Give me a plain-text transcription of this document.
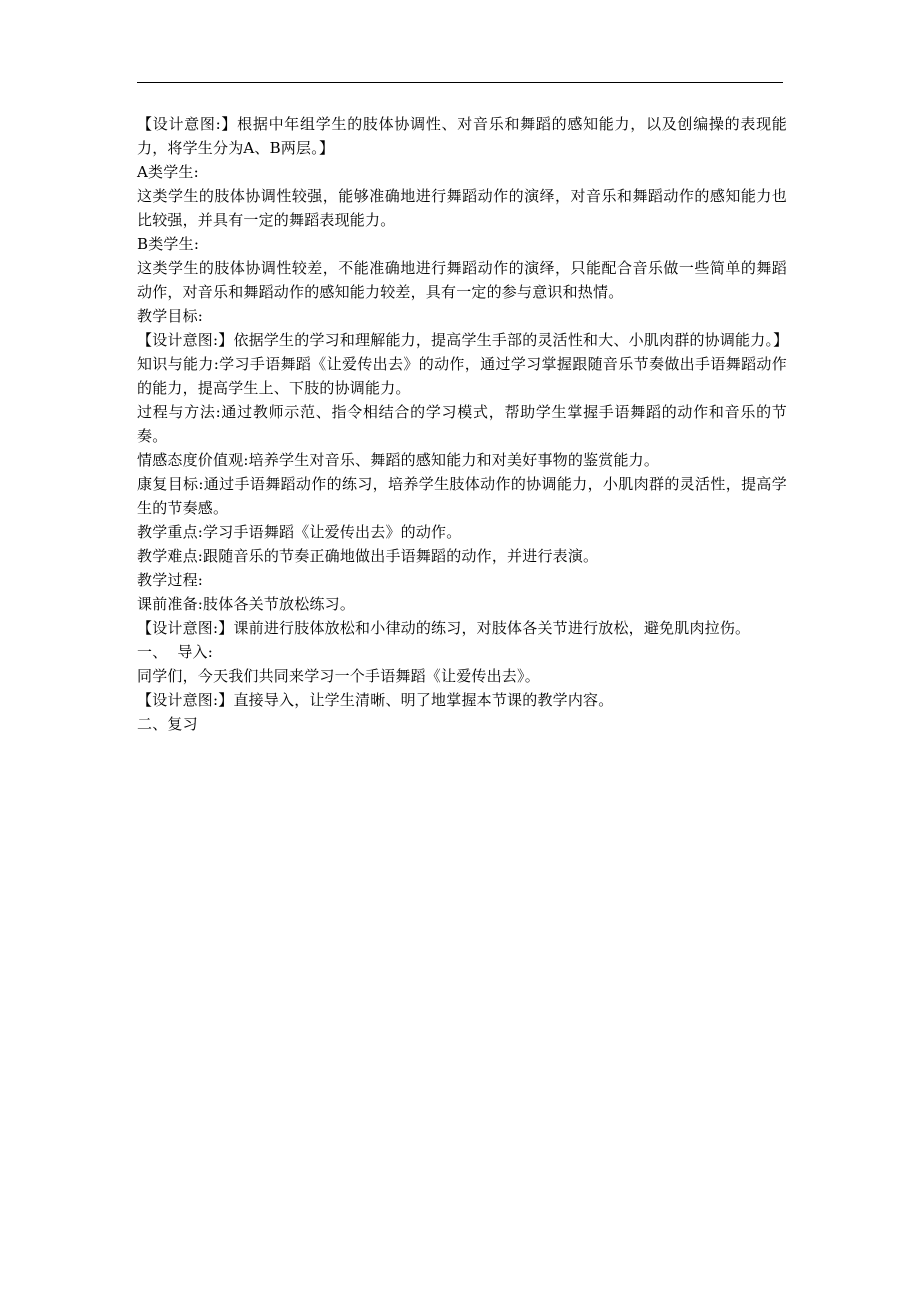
【设计意图:】根据中年组学生的肢体协调性、对音乐和舞蹈的感知能力，以及创编操的表现能力，将学生分为A、B两层。】

A类学生:

这类学生的肢体协调性较强，能够准确地进行舞蹈动作的演绎，对音乐和舞蹈动作的感知能力也比较强，并具有一定的舞蹈表现能力。

B类学生:

这类学生的肢体协调性较差，不能准确地进行舞蹈动作的演绎，只能配合音乐做一些简单的舞蹈动作，对音乐和舞蹈动作的感知能力较差，具有一定的参与意识和热情。

教学目标:

【设计意图:】依据学生的学习和理解能力，提高学生手部的灵活性和大、小肌肉群的协调能力。】

知识与能力:学习手语舞蹈《让爱传出去》的动作，通过学习掌握跟随音乐节奏做出手语舞蹈动作的能力，提高学生上、下肢的协调能力。

过程与方法:通过教师示范、指令相结合的学习模式，帮助学生掌握手语舞蹈的动作和音乐的节奏。

情感态度价值观:培养学生对音乐、舞蹈的感知能力和对美好事物的鉴赏能力。

康复目标:通过手语舞蹈动作的练习，培养学生肢体动作的协调能力，小肌肉群的灵活性，提高学生的节奏感。

教学重点:学习手语舞蹈《让爱传出去》的动作。

教学难点:跟随音乐的节奏正确地做出手语舞蹈的动作，并进行表演。

教学过程:

课前准备:肢体各关节放松练习。

【设计意图:】课前进行肢体放松和小律动的练习，对肢体各关节进行放松，避免肌肉拉伤。

一、  导入:

同学们，今天我们共同来学习一个手语舞蹈《让爱传出去》。

【设计意图:】直接导入，让学生清晰、明了地掌握本节课的教学内容。

二、复习
